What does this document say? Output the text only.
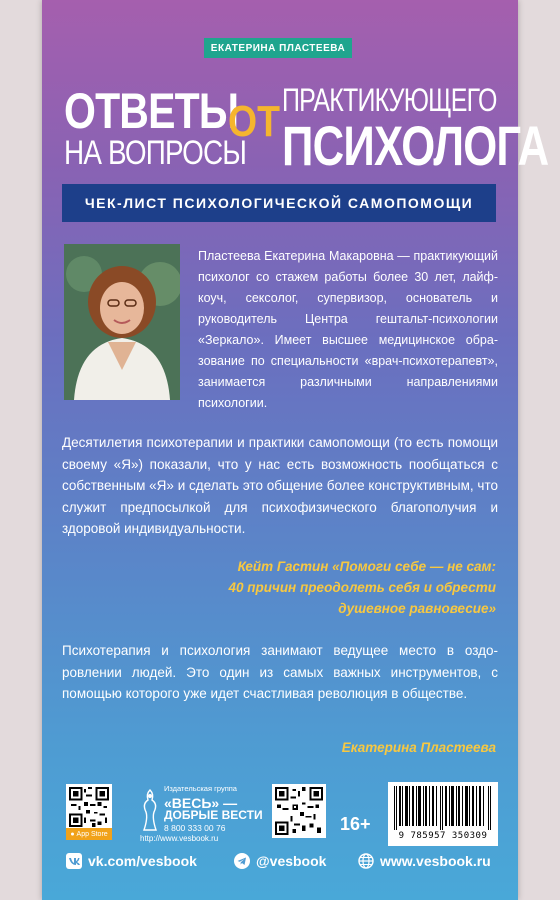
ЕКАТЕРИНА ПЛАСТЕЕВА
ОТВЕТЫ
НА ВОПРОСЫ
ОТ ПРАКТИКУЮЩЕГО
ПСИХОЛОГА
ЧЕК-ЛИСТ ПСИХОЛОГИЧЕСКОЙ САМОПОМОЩИ
Пластеева Екатерина Макаровна — практикующий психолог со стажем работы более 30 лет, лайф-коуч, сексолог, супервизор, основатель и руководитель Центра гештальт-психологии «Зеркало». Имеет высшее медицинское образование по специальности «врач-психотерапевт», занимается различными направлениями психологии.
Десятилетия психотерапии и практики самопомощи (то есть помощи своему «Я») показали, что у нас есть возможность пообщаться с собственным «Я» и сделать это общение более конструктивным, что служит предпосылкой для психофизического благополучия и здоровой индивидуальности.
Кейт Гастин «Помоги себе — не сам:
40 причин преодолеть себя и обрести
душевное равновесие»
Психотерапия и психология занимают ведущее место в оздоровлении людей. Это один из самых важных инструментов, с помощью которого уже идет счастливая революция в обществе.
Екатерина Пластеева
● App Store
Издательская группа
«ВЕСЬ» —
ДОБРЫЕ ВЕСТИ
8 800 333 00 76
http://www.vesbook.ru
16+
9 785957 350309
vk.com/vesbook	@vesbook	www.vesbook.ru
